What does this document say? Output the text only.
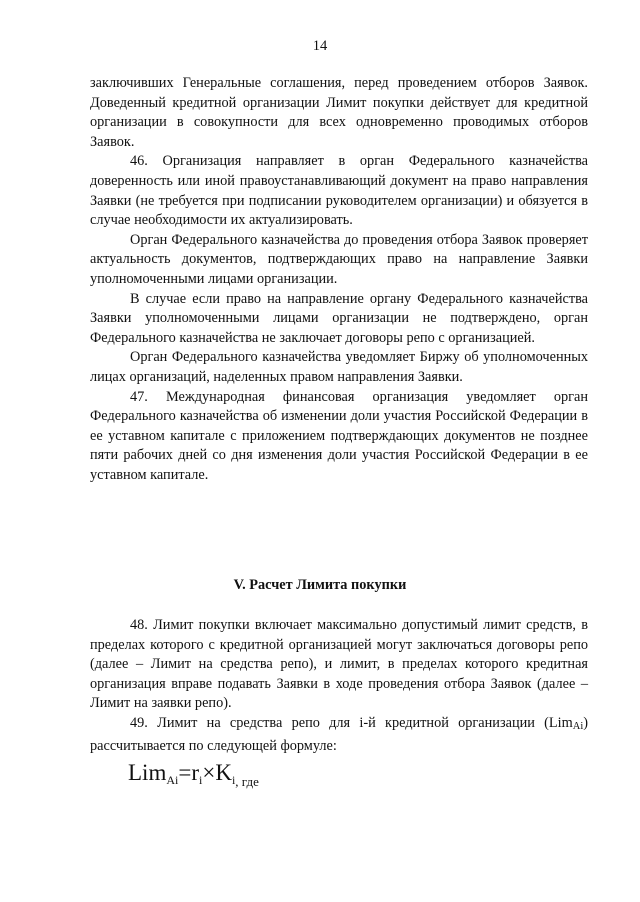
14

заключивших Генеральные соглашения, перед проведением отборов Заявок. Доведенный кредитной организации Лимит покупки действует для кредитной организации в совокупности для всех одновременно проводимых отборов Заявок.

46. Организация направляет в орган Федерального казначейства доверенность или иной правоустанавливающий документ на право направления Заявки (не требуется при подписании руководителем организации) и обязуется в случае необходимости их актуализировать.

Орган Федерального казначейства до проведения отбора Заявок проверяет актуальность документов, подтверждающих право на направление Заявки уполномоченными лицами организации.

В случае если право на направление органу Федерального казначейства Заявки уполномоченными лицами организации не подтверждено, орган Федерального казначейства не заключает договоры репо с организацией.

Орган Федерального казначейства уведомляет Биржу об уполномоченных лицах организаций, наделенных правом направления Заявки.

47. Международная финансовая организация уведомляет орган Федерального казначейства об изменении доли участия Российской Федерации в ее уставном капитале с приложением подтверждающих документов не позднее пяти рабочих дней со дня изменения доли участия Российской Федерации в ее уставном капитале.

V. Расчет Лимита покупки

48. Лимит покупки включает максимально допустимый лимит средств, в пределах которого с кредитной организацией могут заключаться договоры репо (далее – Лимит на средства репо), и лимит, в пределах которого кредитная организация вправе подавать Заявки в ходе проведения отбора Заявок (далее – Лимит на заявки репо).

49. Лимит на средства репо для i-й кредитной организации (Lim$_{Ai}$) рассчитывается по следующей формуле:

$Lim_{Ai}=r_i\times K_{i, где}$
